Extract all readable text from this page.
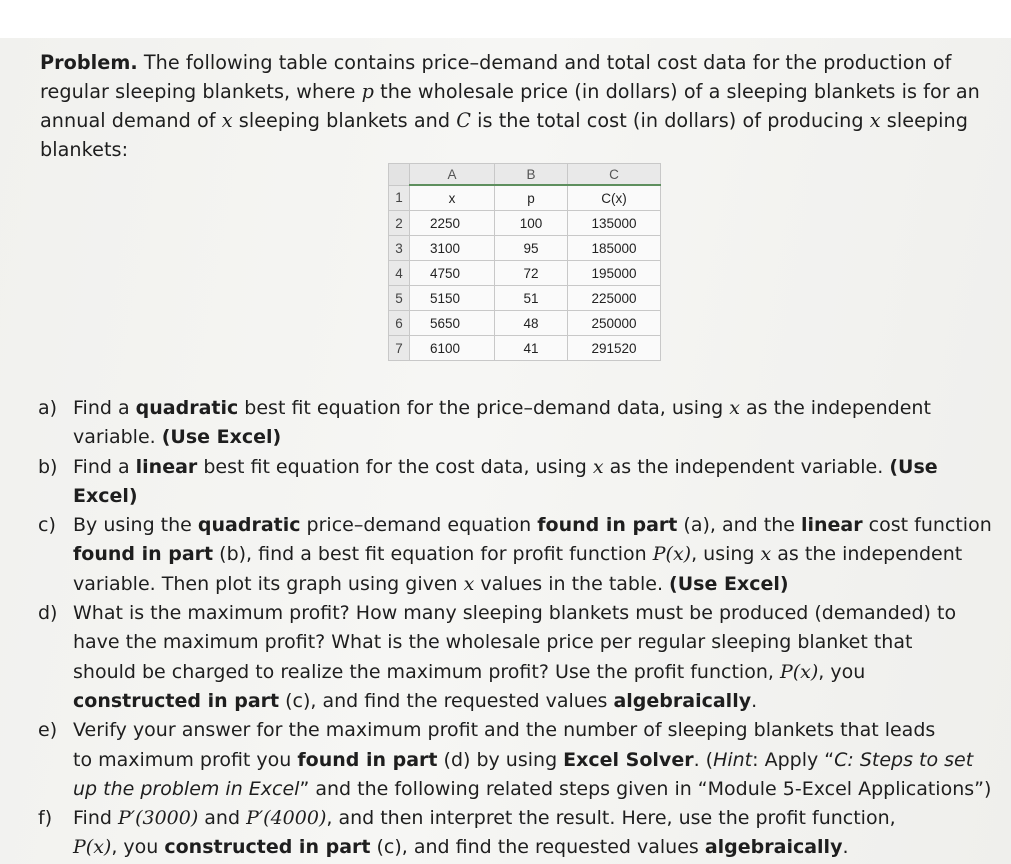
Problem. The following table contains price–demand and total cost data for the production of
regular sleeping blankets, where p the wholesale price (in dollars) of a sleeping blankets is for an
annual demand of x sleeping blankets and C is the total cost (in dollars) of producing x sleeping
blankets:
	A	B	C
1	x	p	C(x)
2	2250	100	135000
3	3100	95	185000
4	4750	72	195000
5	5150	51	225000
6	5650	48	250000
7	6100	41	291520
a) Find a quadratic best fit equation for the price–demand data, using x as the independent
variable. (Use Excel)
b) Find a linear best fit equation for the cost data, using x as the independent variable. (Use
Excel)
c) By using the quadratic price–demand equation found in part (a), and the linear cost function
found in part (b), find a best fit equation for profit function P(x), using x as the independent
variable. Then plot its graph using given x values in the table. (Use Excel)
d) What is the maximum profit? How many sleeping blankets must be produced (demanded) to
have the maximum profit? What is the wholesale price per regular sleeping blanket that
should be charged to realize the maximum profit? Use the profit function, P(x), you
constructed in part (c), and find the requested values algebraically.
e) Verify your answer for the maximum profit and the number of sleeping blankets that leads
to maximum profit you found in part (d) by using Excel Solver. (Hint: Apply “C: Steps to set
up the problem in Excel” and the following related steps given in “Module 5-Excel Applications”)
f) Find P′(3000) and P′(4000), and then interpret the result. Here, use the profit function,
P(x), you constructed in part (c), and find the requested values algebraically.
